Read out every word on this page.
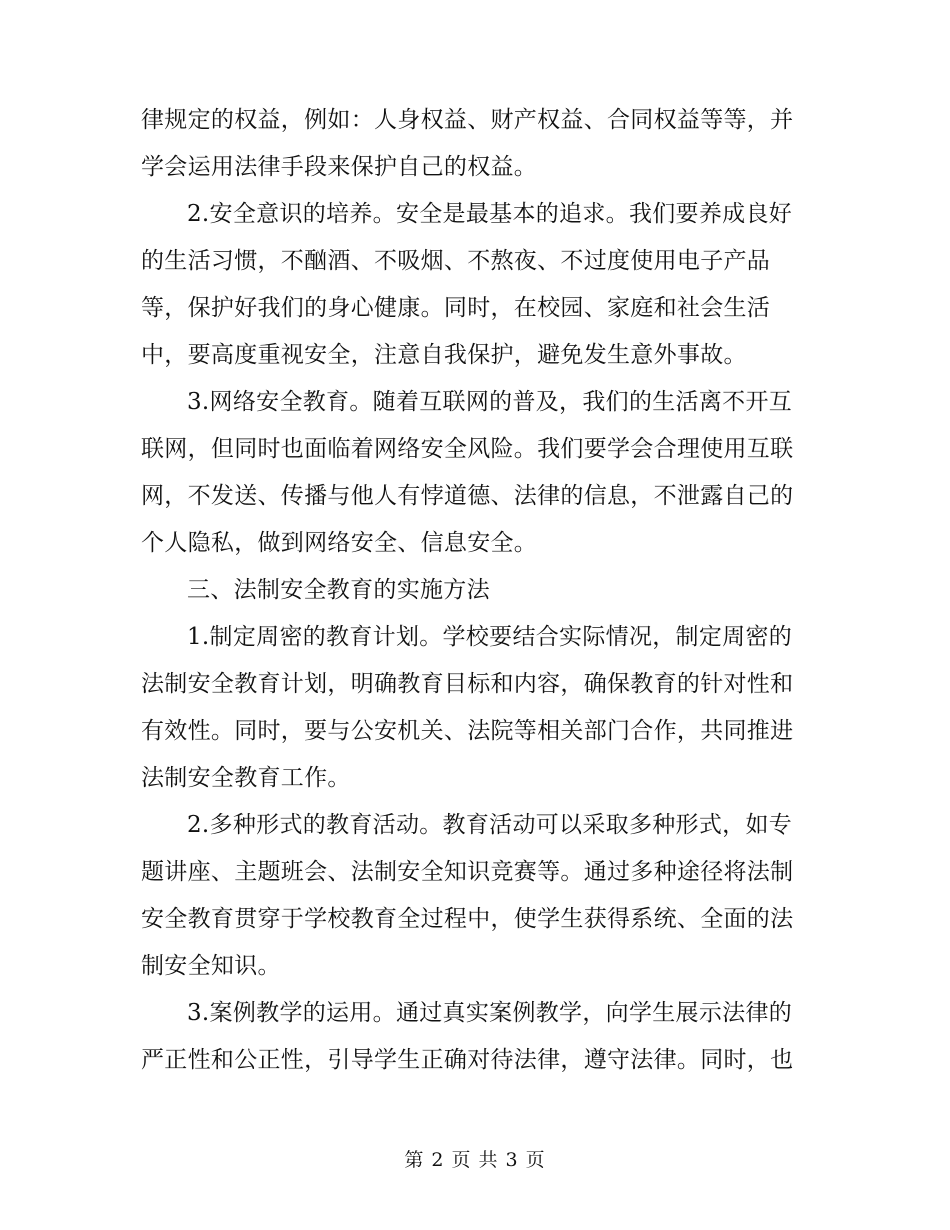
律规定的权益，例如：人身权益、财产权益、合同权益等等，并
学会运用法律手段来保护自己的权益。
2.安全意识的培养。安全是最基本的追求。我们要养成良好
的生活习惯，不酗酒、不吸烟、不熬夜、不过度使用电子产品
等，保护好我们的身心健康。同时，在校园、家庭和社会生活
中，要高度重视安全，注意自我保护，避免发生意外事故。
3.网络安全教育。随着互联网的普及，我们的生活离不开互
联网，但同时也面临着网络安全风险。我们要学会合理使用互联
网，不发送、传播与他人有悖道德、法律的信息，不泄露自己的
个人隐私，做到网络安全、信息安全。
三、法制安全教育的实施方法
1.制定周密的教育计划。学校要结合实际情况，制定周密的
法制安全教育计划，明确教育目标和内容，确保教育的针对性和
有效性。同时，要与公安机关、法院等相关部门合作，共同推进
法制安全教育工作。
2.多种形式的教育活动。教育活动可以采取多种形式，如专
题讲座、主题班会、法制安全知识竞赛等。通过多种途径将法制
安全教育贯穿于学校教育全过程中，使学生获得系统、全面的法
制安全知识。
3.案例教学的运用。通过真实案例教学，向学生展示法律的
严正性和公正性，引导学生正确对待法律，遵守法律。同时，也
第 2 页 共 3 页
